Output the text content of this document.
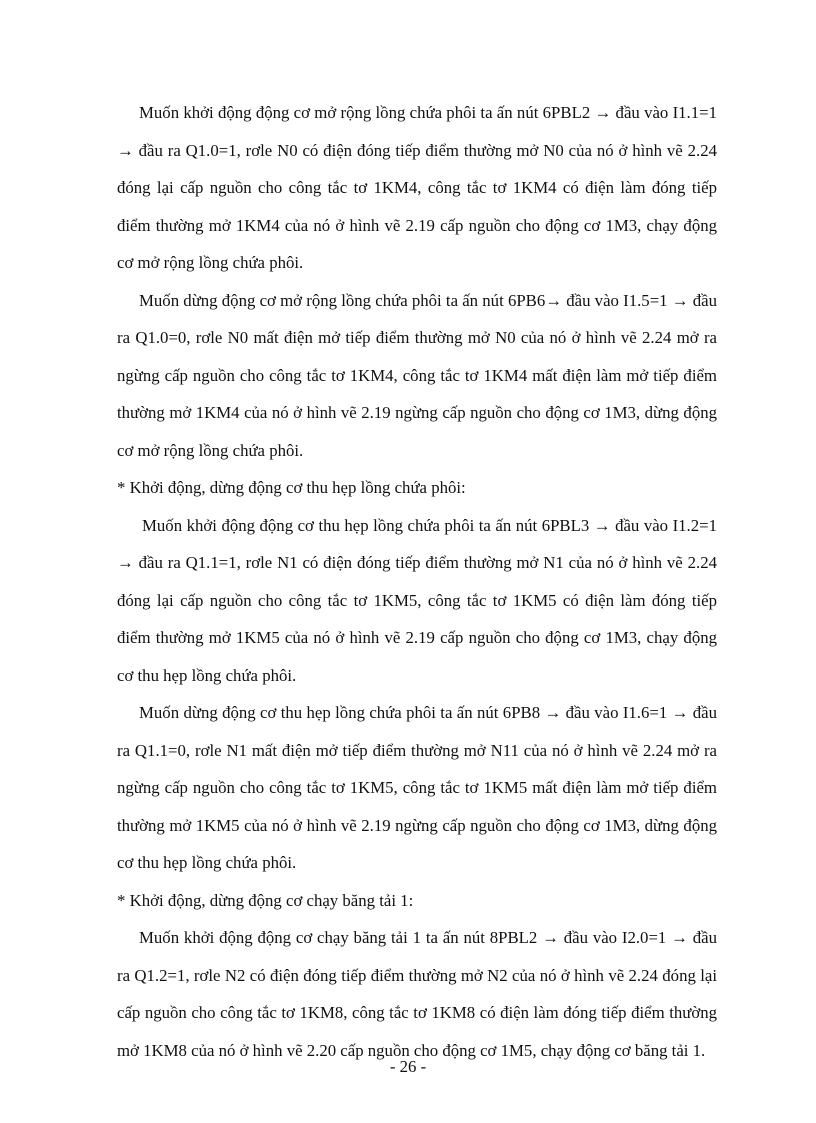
Muốn khởi động động cơ mở rộng lồng chứa phôi ta ấn nút 6PBL2 → đầu vào I1.1=1 → đầu ra Q1.0=1, rơle N0 có điện đóng tiếp điểm thường mở N0 của nó ở hình vẽ 2.24 đóng lại cấp nguồn cho công tắc tơ 1KM4, công tắc tơ 1KM4 có điện làm đóng tiếp điểm thường mở 1KM4 của nó ở hình vẽ 2.19 cấp nguồn cho động cơ 1M3, chạy động cơ mở rộng lồng chứa phôi.

Muốn dừng động cơ mở rộng lồng chứa phôi ta ấn nút 6PB6→ đầu vào I1.5=1 → đầu ra Q1.0=0, rơle N0 mất điện mở tiếp điểm thường mở N0 của nó ở hình vẽ 2.24 mở ra ngừng cấp nguồn cho công tắc tơ 1KM4, công tắc tơ 1KM4 mất điện làm mở tiếp điểm thường mở 1KM4 của nó ở hình vẽ 2.19 ngừng cấp nguồn cho động cơ 1M3, dừng động cơ mở rộng lồng chứa phôi.

* Khởi động, dừng động cơ thu hẹp lồng chứa phôi:

Muốn khởi động động cơ thu hẹp lồng chứa phôi ta ấn nút 6PBL3 → đầu vào I1.2=1 → đầu ra Q1.1=1, rơle N1 có điện đóng tiếp điểm thường mở N1 của nó ở hình vẽ 2.24 đóng lại cấp nguồn cho công tắc tơ 1KM5, công tắc tơ 1KM5 có điện làm đóng tiếp điểm thường mở 1KM5 của nó ở hình vẽ 2.19 cấp nguồn cho động cơ 1M3, chạy động cơ thu hẹp lồng chứa phôi.

Muốn dừng động cơ thu hẹp lồng chứa phôi ta ấn nút 6PB8 → đầu vào I1.6=1 → đầu ra Q1.1=0, rơle N1 mất điện mở tiếp điểm thường mở N11 của nó ở hình vẽ 2.24 mở ra ngừng cấp nguồn cho công tắc tơ 1KM5, công tắc tơ 1KM5 mất điện làm mở tiếp điểm thường mở 1KM5 của nó ở hình vẽ 2.19 ngừng cấp nguồn cho động cơ 1M3, dừng động cơ thu hẹp lồng chứa phôi.

* Khởi động, dừng động cơ chạy băng tải 1:

Muốn khởi động động cơ chạy băng tải 1 ta ấn nút 8PBL2 → đầu vào I2.0=1 → đầu ra Q1.2=1, rơle N2 có điện đóng tiếp điểm thường mở N2 của nó ở hình vẽ 2.24 đóng lại cấp nguồn cho công tắc tơ 1KM8, công tắc tơ 1KM8 có điện làm đóng tiếp điểm thường mở 1KM8 của nó ở hình vẽ 2.20 cấp nguồn cho động cơ 1M5, chạy động cơ băng tải 1.

- 26 -
